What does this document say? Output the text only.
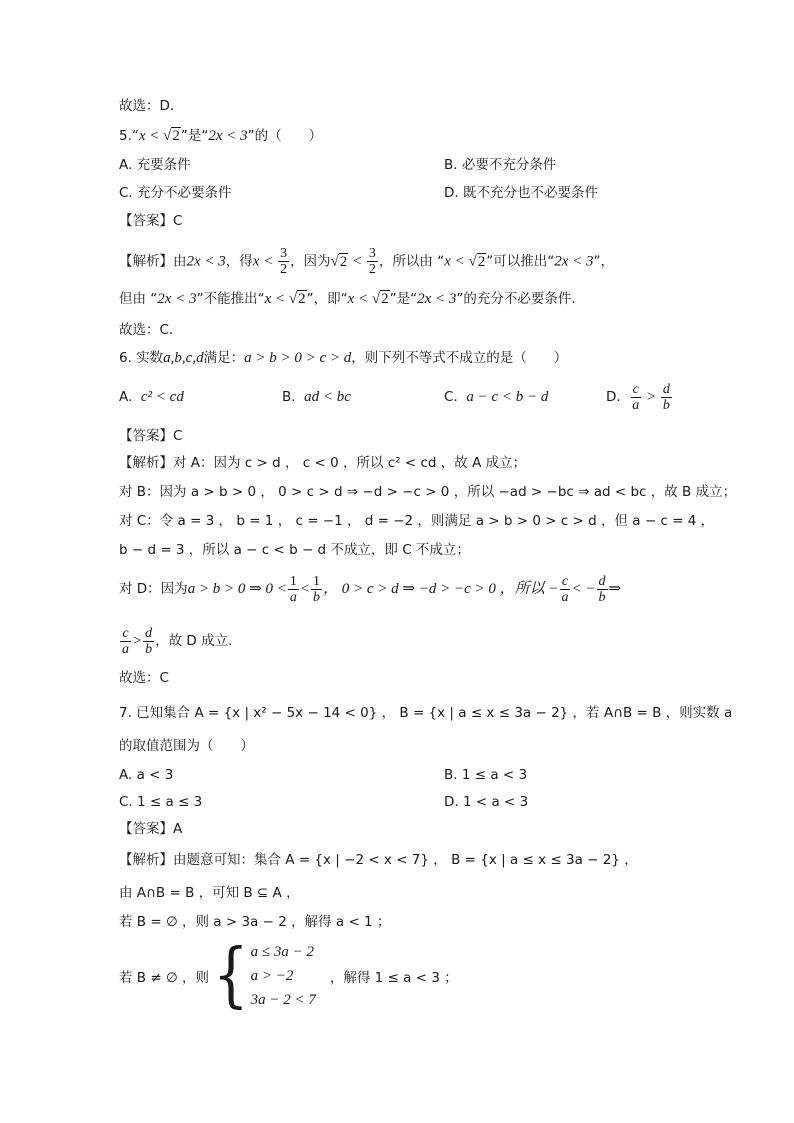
故选：D.
5.“x < √2”是“2x < 3”的（　　）
A. 充要条件	B. 必要不充分条件
C. 充分不必要条件	D. 既不充分也不必要条件
【答案】C
【解析】由2x < 3，得$x < \frac{3}{2}$ ，因为$√2 < \frac{3}{2}$ ，所以由 “x < √2”可以推出“2x < 3”，
但由 “2x < 3”不能推出“x < √2”，即“x < √2”是“2x < 3”的充分不必要条件.
故选：C.
6. 实数a,b,c,d满足：a > b > 0 > c > d，则下列不等式不成立的是（　　）
A. c² < cd	B. ad < bc	C. a − c < b − d	D. $\frac{c}{a} > \frac{d}{b}$
【答案】C
【解析】对 A：因为 c > d ， c < 0 ，所以 c² < cd ，故 A 成立；
对 B：因为 a > b > 0 ， 0 > c > d ⇒ −d > −c > 0 ，所以 −ad > −bc ⇒ ad < bc ，故 B 成立；
对 C：令 a = 3 ， b = 1 ， c = −1 ， d = −2 ，则满足 a > b > 0 > c > d ，但 a − c = 4 ，
b − d = 3 ，所以 a − c < b − d 不成立，即 C 不成立；
对 D：因为a > b > 0 ⇒ $0 < \frac{1}{a} < \frac{1}{b}$ ， 0 > c > d ⇒ −d > −c > 0 ，所以 − $\frac{c}{a}$ < − $\frac{d}{b}$ ⇒
$\frac{c}{a} > \frac{d}{b}$ ，故 D 成立.
故选：C
7. 已知集合 A = {x | x² − 5x − 14 < 0} ， B = {x | a ≤ x ≤ 3a − 2} ，若 A∩B = B ，则实数 a
的取值范围为（　　）
A. a < 3	B. 1 ≤ a < 3
C. 1 ≤ a ≤ 3	D. 1 < a < 3
【答案】A
【解析】由题意可知：集合 A = {x | −2 < x < 7} ， B = {x | a ≤ x ≤ 3a − 2} ，
由 A∩B = B ，可知 B ⊆ A ，
若 B = ∅ ，则 a > 3a − 2 ，解得 a < 1 ；
若 B ≠ ∅ ，则 { a ≤ 3a − 2
a > −2
3a − 2 < 7
，解得 1 ≤ a < 3 ；
